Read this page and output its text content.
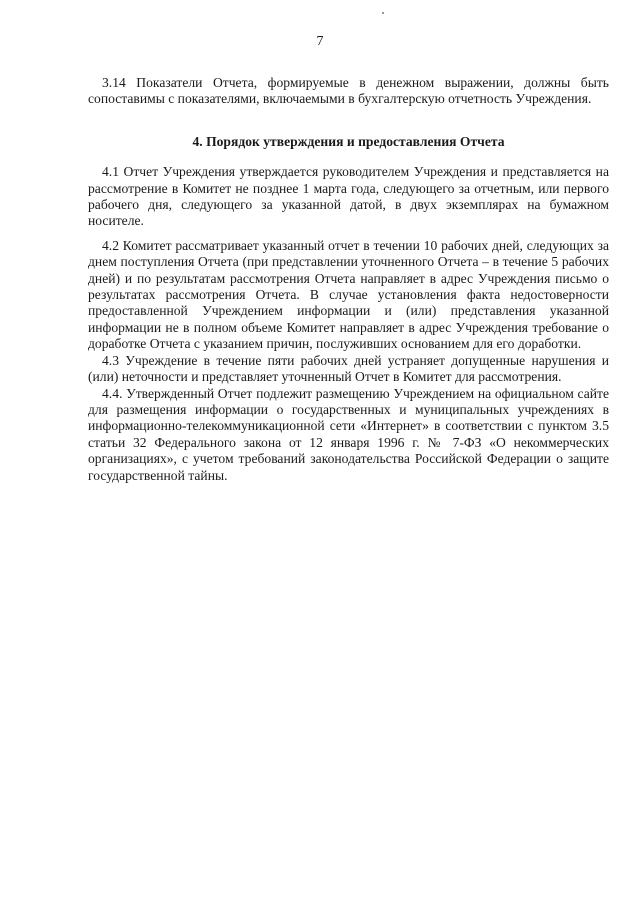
7

3.14 Показатели Отчета, формируемые в денежном выражении, должны быть сопоставимы с показателями, включаемыми в бухгалтерскую отчетность Учреждения.

4. Порядок утверждения и предоставления Отчета

4.1 Отчет Учреждения утверждается руководителем Учреждения и представляется на рассмотрение в Комитет не позднее 1 марта года, следующего за отчетным, или первого рабочего дня, следующего за указанной датой, в двух экземплярах на бумажном носителе.

4.2 Комитет рассматривает указанный отчет в течении 10 рабочих дней, следующих за днем поступления Отчета (при представлении уточненного Отчета – в течение 5 рабочих дней) и по результатам рассмотрения Отчета направляет в адрес Учреждения письмо о результатах рассмотрения Отчета. В случае установления факта недостоверности предоставленной Учреждением информации и (или) представления указанной информации не в полном объеме Комитет направляет в адрес Учреждения требование о доработке Отчета с указанием причин, послуживших основанием для его доработки.

4.3 Учреждение в течение пяти рабочих дней устраняет допущенные нарушения и (или) неточности и представляет уточненный Отчет в Комитет для рассмотрения.

4.4. Утвержденный Отчет подлежит размещению Учреждением на официальном сайте для размещения информации о государственных и муниципальных учреждениях в информационно-телекоммуникационной сети «Интернет» в соответствии с пунктом 3.5 статьи 32 Федерального закона от 12 января 1996 г. № 7-ФЗ «О некоммерческих организациях», с учетом требований законодательства Российской Федерации о защите государственной тайны.
